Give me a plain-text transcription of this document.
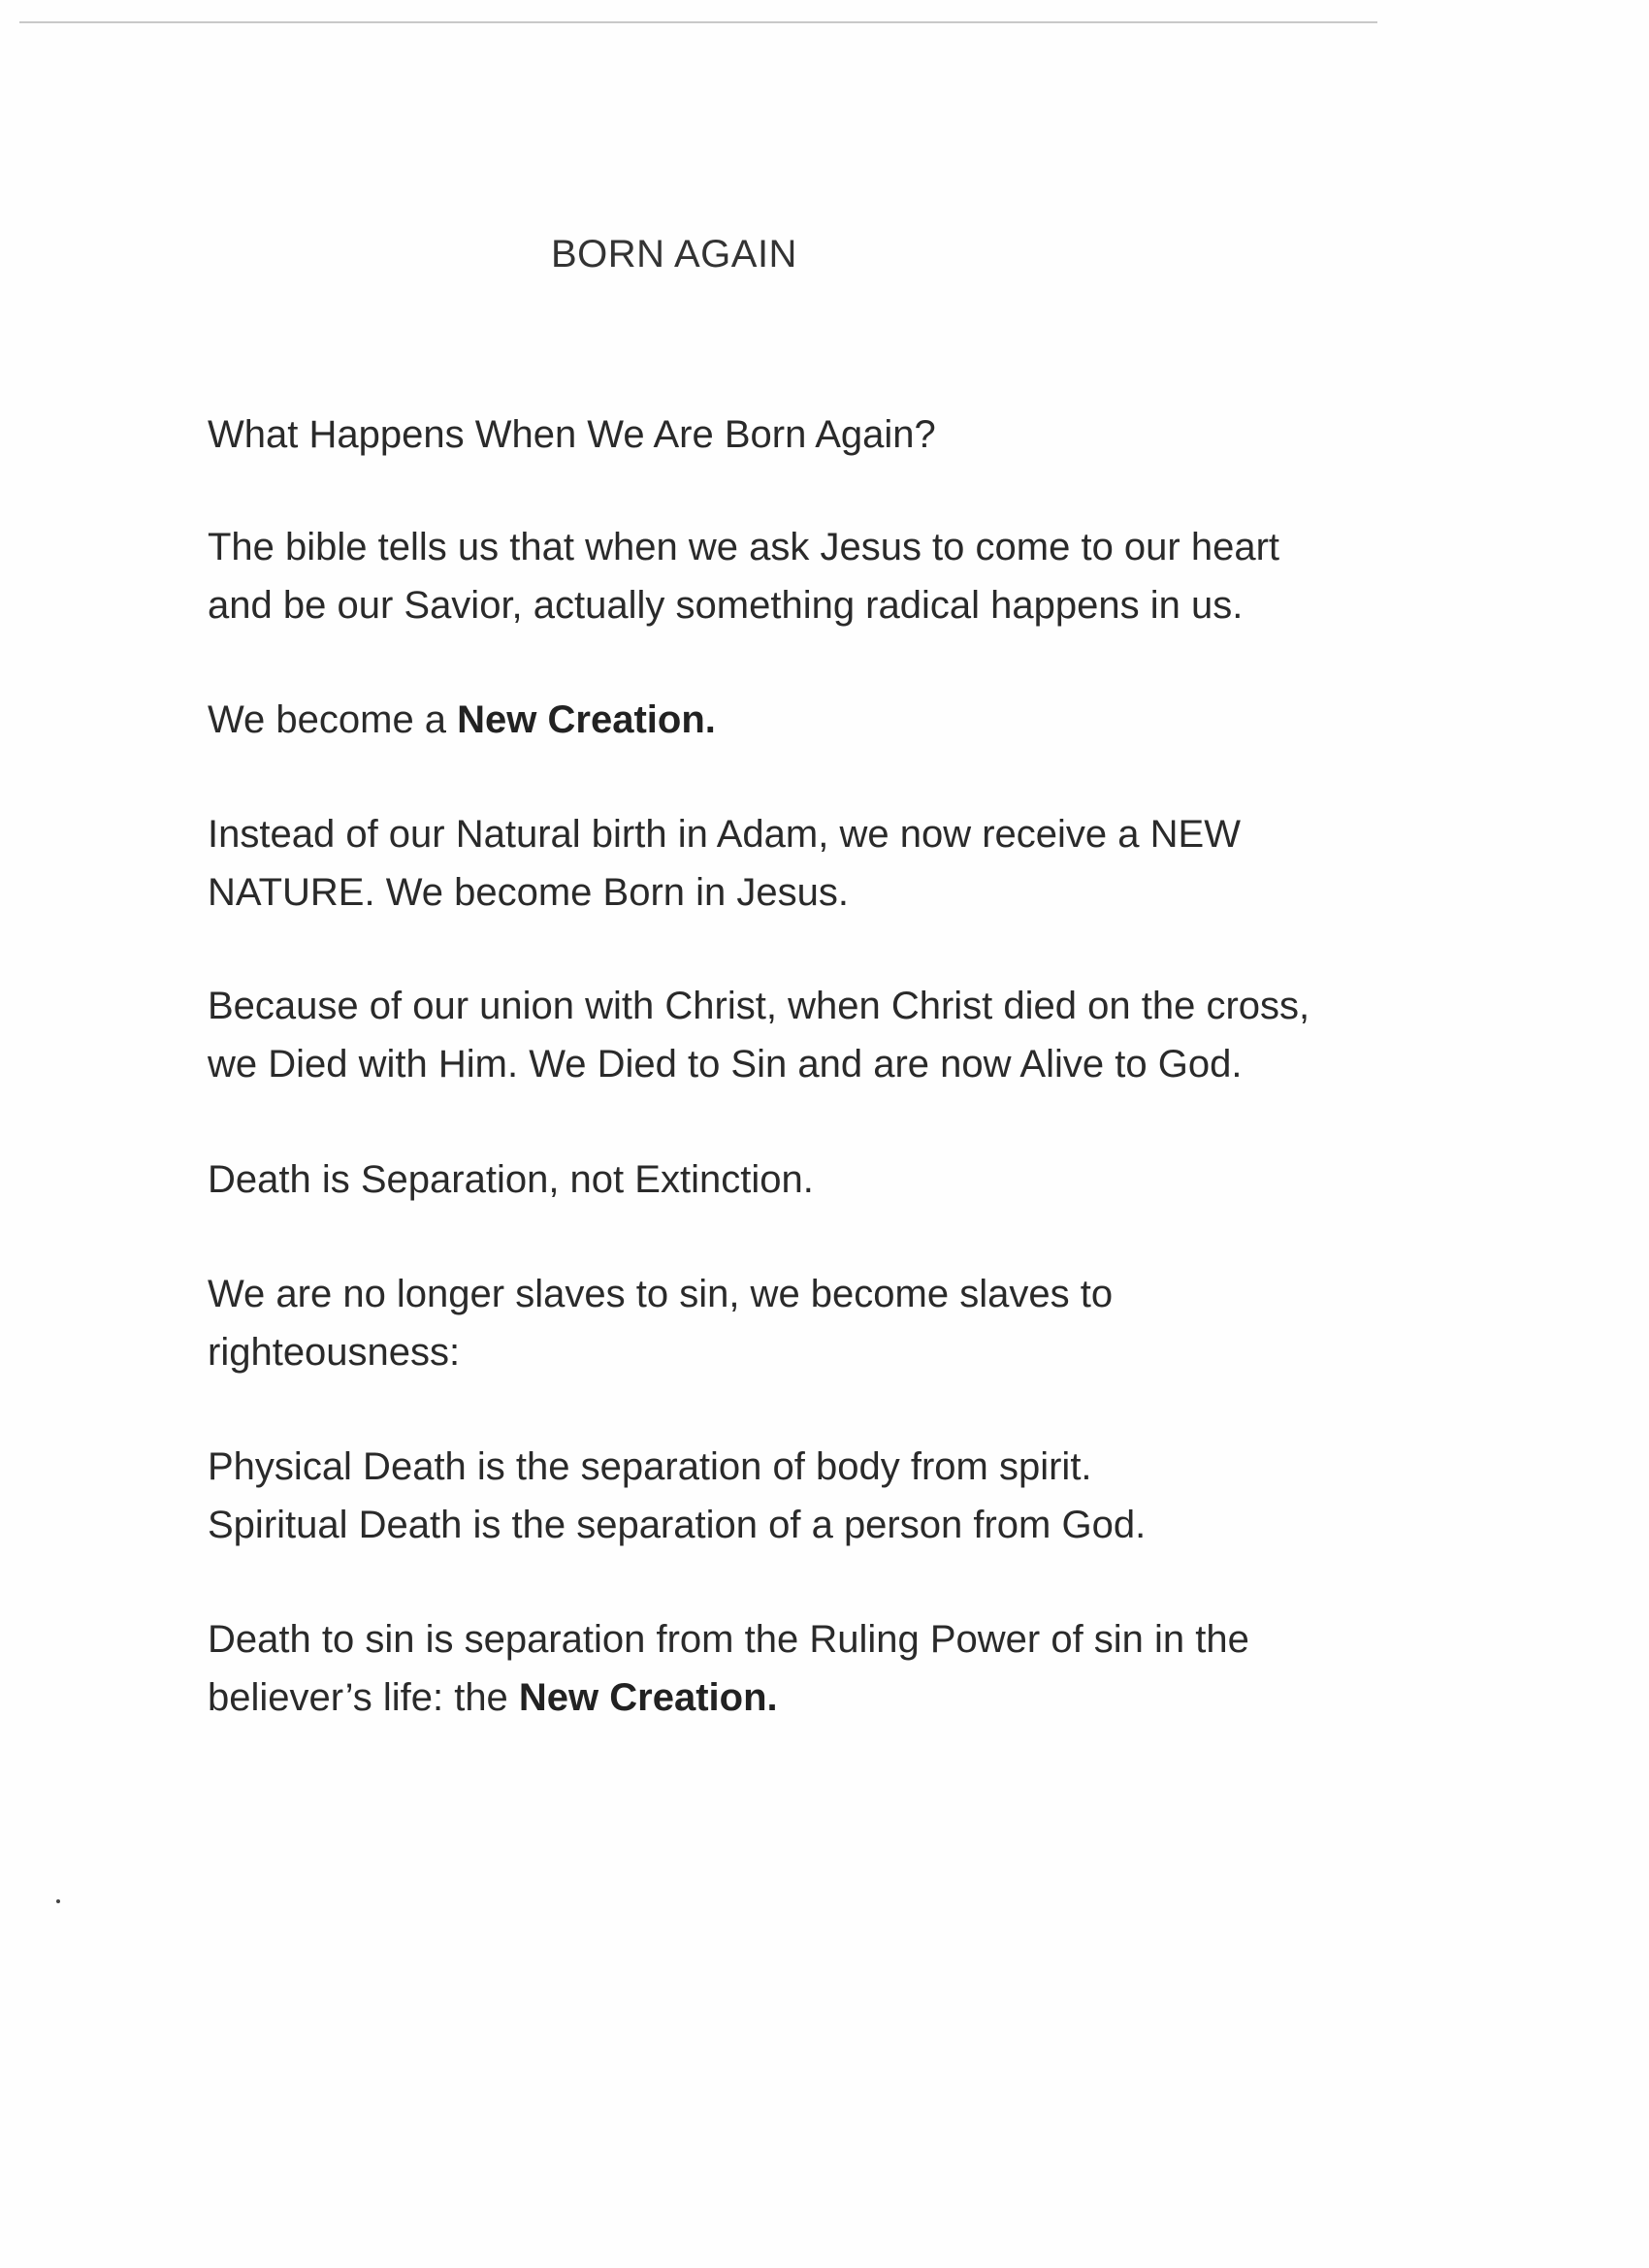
BORN AGAIN
What Happens When We Are Born Again?
The bible tells us that when we ask Jesus to come to our heart
and be our Savior, actually something radical happens in us.
We become a New Creation.
Instead of our Natural birth in Adam, we now receive a NEW
NATURE. We become Born in Jesus.
Because of our union with Christ, when Christ died on the cross,
we Died with Him. We Died to Sin and are now Alive to God.
Death is Separation, not Extinction.
We are no longer slaves to sin, we become slaves to
righteousness:
Physical Death is the separation of body from spirit.
Spiritual Death is the separation of a person from God.
Death to sin is separation from the Ruling Power of sin in the
believer’s life: the New Creation.
